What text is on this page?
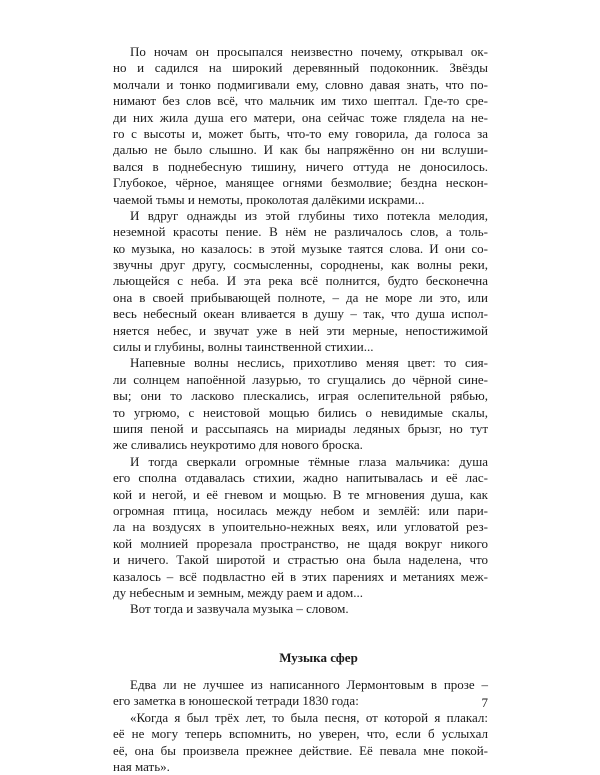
По ночам он просыпался неизвестно почему, открывал ок-
но и садился на широкий деревянный подоконник. Звёзды
молчали и тонко подмигивали ему, словно давая знать, что по-
нимают без слов всё, что мальчик им тихо шептал. Где-то сре-
ди них жила душа его матери, она сейчас тоже глядела на не-
го с высоты и, может быть, что-то ему говорила, да голоса за
далью не было слышно. И как бы напряжённо он ни вслуши-
вался в поднебесную тишину, ничего оттуда не доносилось.
Глубокое, чёрное, манящее огнями безмолвие; бездна нескон-
чаемой тьмы и немоты, проколотая далёкими искрами...
И вдруг однажды из этой глубины тихо потекла мелодия,
неземной красоты пение. В нём не различалось слов, а толь-
ко музыка, но казалось: в этой музыке таятся слова. И они со-
звучны друг другу, сосмысленны, сороднены, как волны реки,
льющейся с неба. И эта река всё полнится, будто бесконечна
она в своей прибывающей полноте, – да не море ли это, или
весь небесный океан вливается в душу – так, что душа испол-
няется небес, и звучат уже в ней эти мерные, непостижимой
силы и глубины, волны таинственной стихии...
Напевные волны неслись, прихотливо меняя цвет: то сия-
ли солнцем напоённой лазурью, то сгущались до чёрной сине-
вы; они то ласково плескались, играя ослепительной рябью,
то угрюмо, с неистовой мощью бились о невидимые скалы,
шипя пеной и рассыпаясь на мириады ледяных брызг, но тут
же сливались неукротимо для нового броска.
И тогда сверкали огромные тёмные глаза мальчика: душа
его сполна отдавалась стихии, жадно напитывалась и её лас-
кой и негой, и её гневом и мощью. В те мгновения душа, как
огромная птица, носилась между небом и землёй: или пари-
ла на воздусях в упоительно-нежных веях, или угловатой рез-
кой молнией прорезала пространство, не щадя вокруг никого
и ничего. Такой широтой и страстью она была наделена, что
казалось – всё подвластно ей в этих парениях и метаниях меж-
ду небесным и земным, между раем и адом...
Вот тогда и зазвучала музыка – словом.
Музыка сфер
Едва ли не лучшее из написанного Лермонтовым в прозе –
его заметка в юношеской тетради 1830 года:
«Когда я был трёх лет, то была песня, от которой я плакал:
её не могу теперь вспомнить, но уверен, что, если б услыхал
её, она бы произвела прежнее действие. Её певала мне покой-
ная мать».
7
